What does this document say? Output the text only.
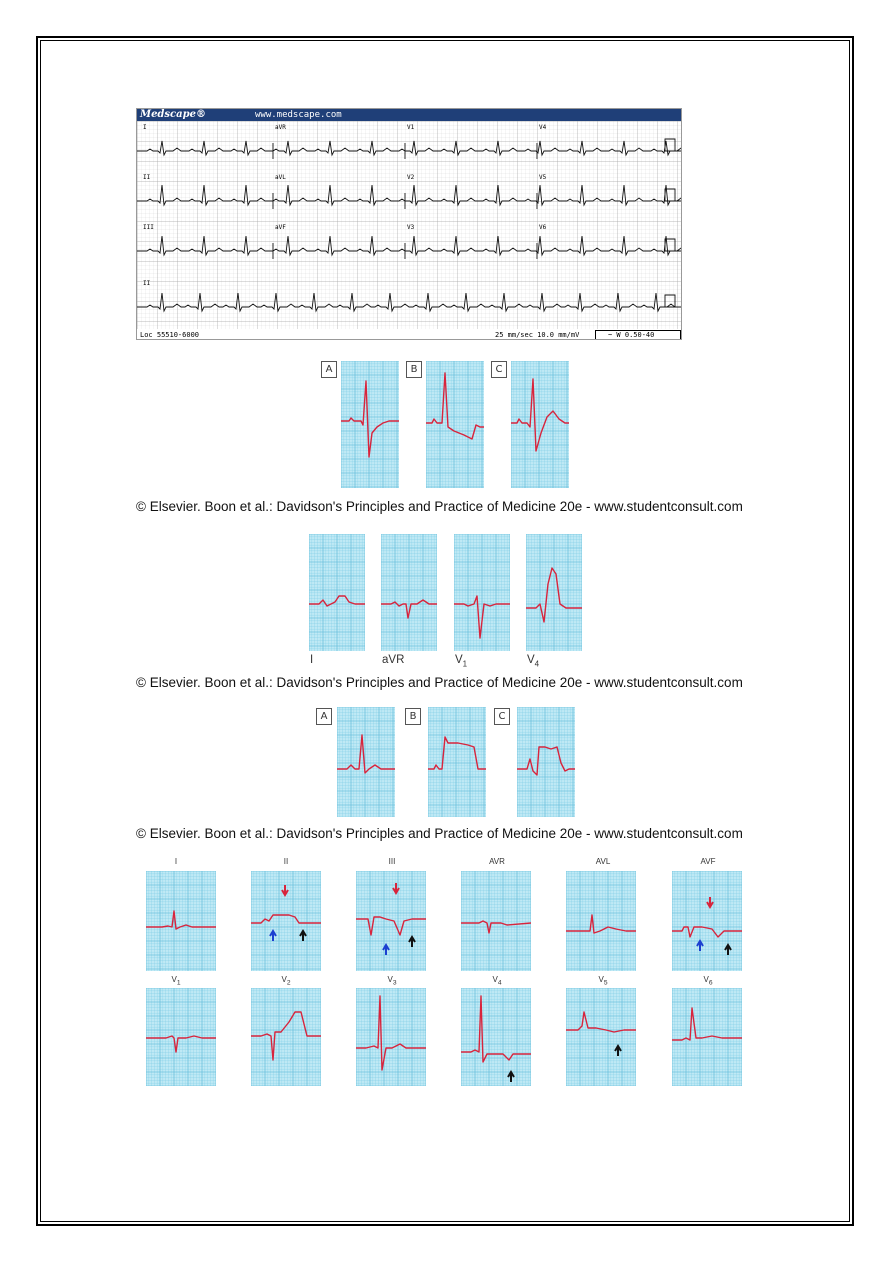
Medscape®	www.medscape.com
I	aVR	V1	V4
II	aVL	V2	V5
III	aVF	V3	V6
II
Loc 55510-6000	25 mm/sec 10.0 mm/mV	~ W 0.50-40
A	B	C
© Elsevier. Boon et al.: Davidson's Principles and Practice of Medicine 20e - www.studentconsult.com
I	aVR	$V_1$	$V_4$
© Elsevier. Boon et al.: Davidson's Principles and Practice of Medicine 20e - www.studentconsult.com
A	B	C
© Elsevier. Boon et al.: Davidson's Principles and Practice of Medicine 20e - www.studentconsult.com
I	II	III	AVR	AVL	AVF
$V_1$	$V_2$	$V_3$	$V_4$	$V_5$	$V_6$
